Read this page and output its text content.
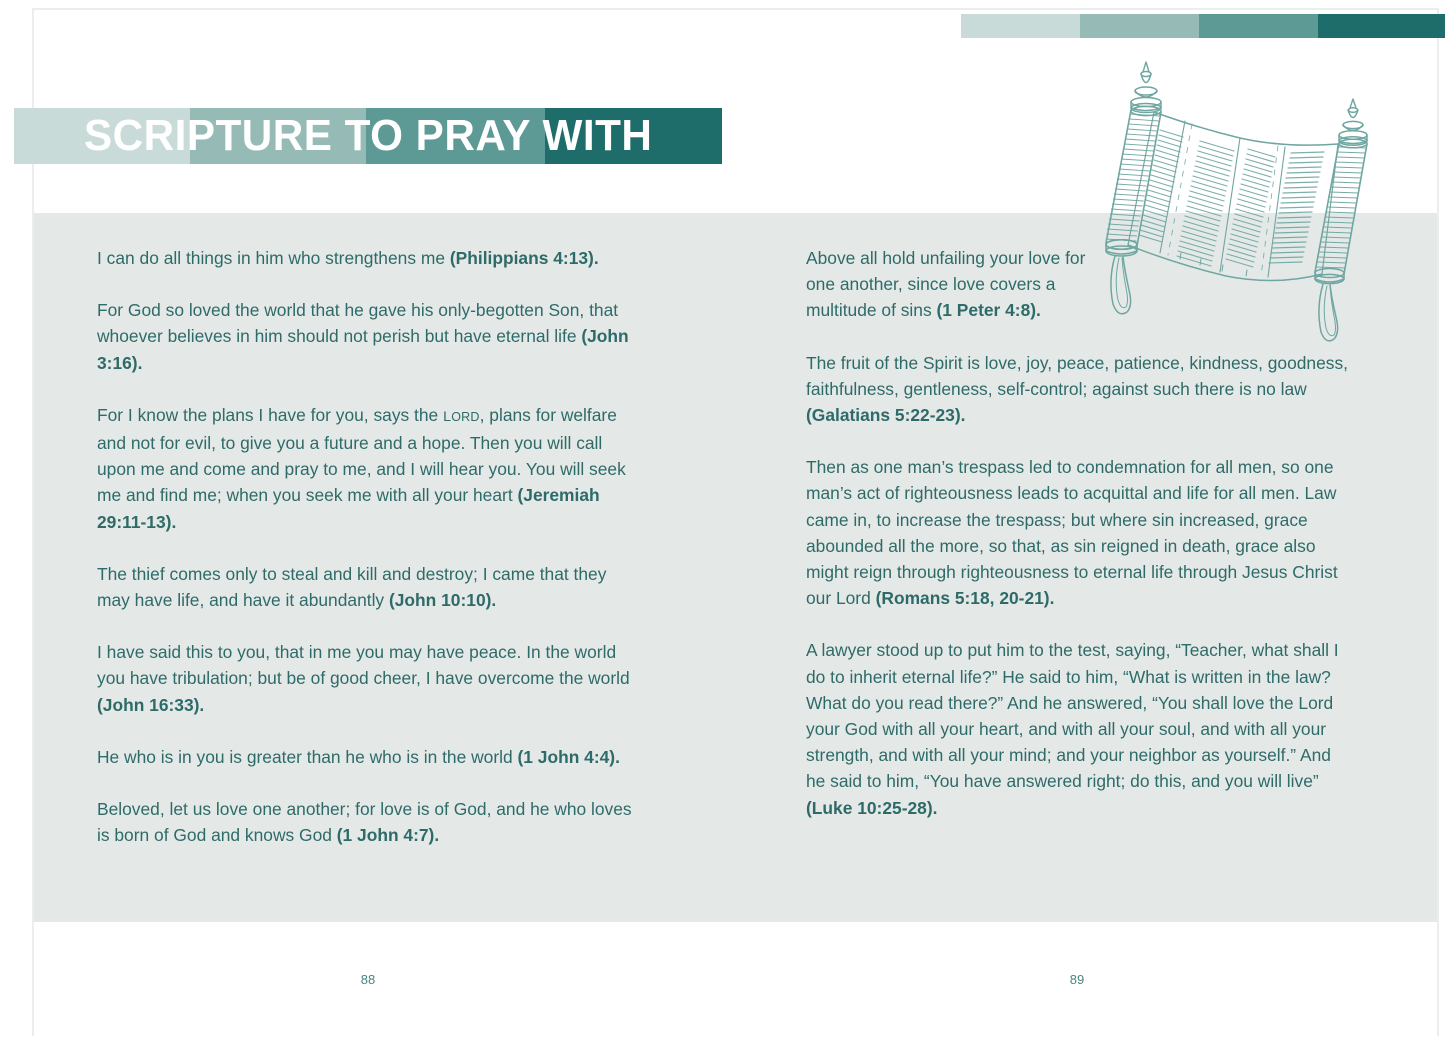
SCRIPTURE TO PRAY WITH

I can do all things in him who strengthens me (Philippians 4:13).

For God so loved the world that he gave his only-begotten Son, that whoever believes in him should not perish but have eternal life (John 3:16).

For I know the plans I have for you, says the LORD, plans for welfare and not for evil, to give you a future and a hope. Then you will call upon me and come and pray to me, and I will hear you. You will seek me and find me; when you seek me with all your heart (Jeremiah 29:11-13).

The thief comes only to steal and kill and destroy; I came that they may have life, and have it abundantly (John 10:10).

I have said this to you, that in me you may have peace. In the world you have tribulation; but be of good cheer, I have overcome the world (John 16:33).

He who is in you is greater than he who is in the world (1 John 4:4).

Beloved, let us love one another; for love is of God, and he who loves is born of God and knows God (1 John 4:7).

Above all hold unfailing your love for one another, since love covers a multitude of sins (1 Peter 4:8).

The fruit of the Spirit is love, joy, peace, patience, kindness, goodness, faithfulness, gentleness, self-control; against such there is no law (Galatians 5:22-23).

Then as one man’s trespass led to condemnation for all men, so one man’s act of righteousness leads to acquittal and life for all men. Law came in, to increase the trespass; but where sin increased, grace abounded all the more, so that, as sin reigned in death, grace also might reign through righteousness to eternal life through Jesus Christ our Lord (Romans 5:18, 20-21).

A lawyer stood up to put him to the test, saying, “Teacher, what shall I do to inherit eternal life?” He said to him, “What is written in the law? What do you read there?” And he answered, “You shall love the Lord your God with all your heart, and with all your soul, and with all your strength, and with all your mind; and your neighbor as yourself.” And he said to him, “You have answered right; do this, and you will live” (Luke 10:25-28).

88	89
